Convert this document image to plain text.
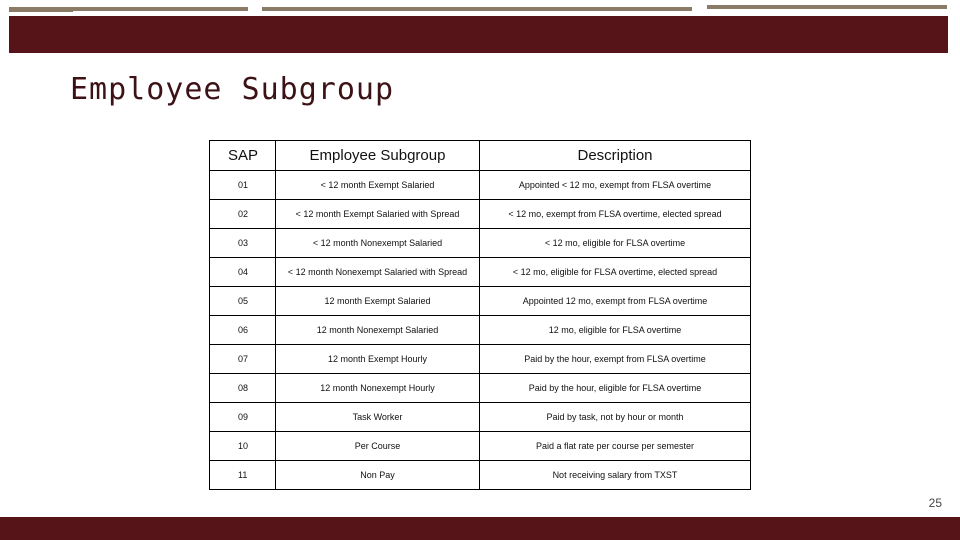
Employee Subgroup
SAP	Employee Subgroup	Description
01	< 12 month Exempt Salaried	Appointed < 12 mo, exempt from FLSA overtime
02	< 12 month Exempt Salaried with Spread	< 12 mo, exempt from FLSA overtime, elected spread
03	< 12 month Nonexempt Salaried	< 12 mo, eligible for FLSA overtime
04	< 12 month Nonexempt Salaried with Spread	< 12 mo, eligible for FLSA overtime, elected spread
05	12 month Exempt Salaried	Appointed 12 mo, exempt from FLSA overtime
06	12 month Nonexempt Salaried	12 mo, eligible for FLSA overtime
07	12 month Exempt Hourly	Paid by the hour, exempt from FLSA overtime
08	12 month Nonexempt Hourly	Paid by the hour, eligible for FLSA overtime
09	Task Worker	Paid by task, not by hour or month
10	Per Course	Paid a flat rate per course per semester
11	Non Pay	Not receiving salary from TXST
25
